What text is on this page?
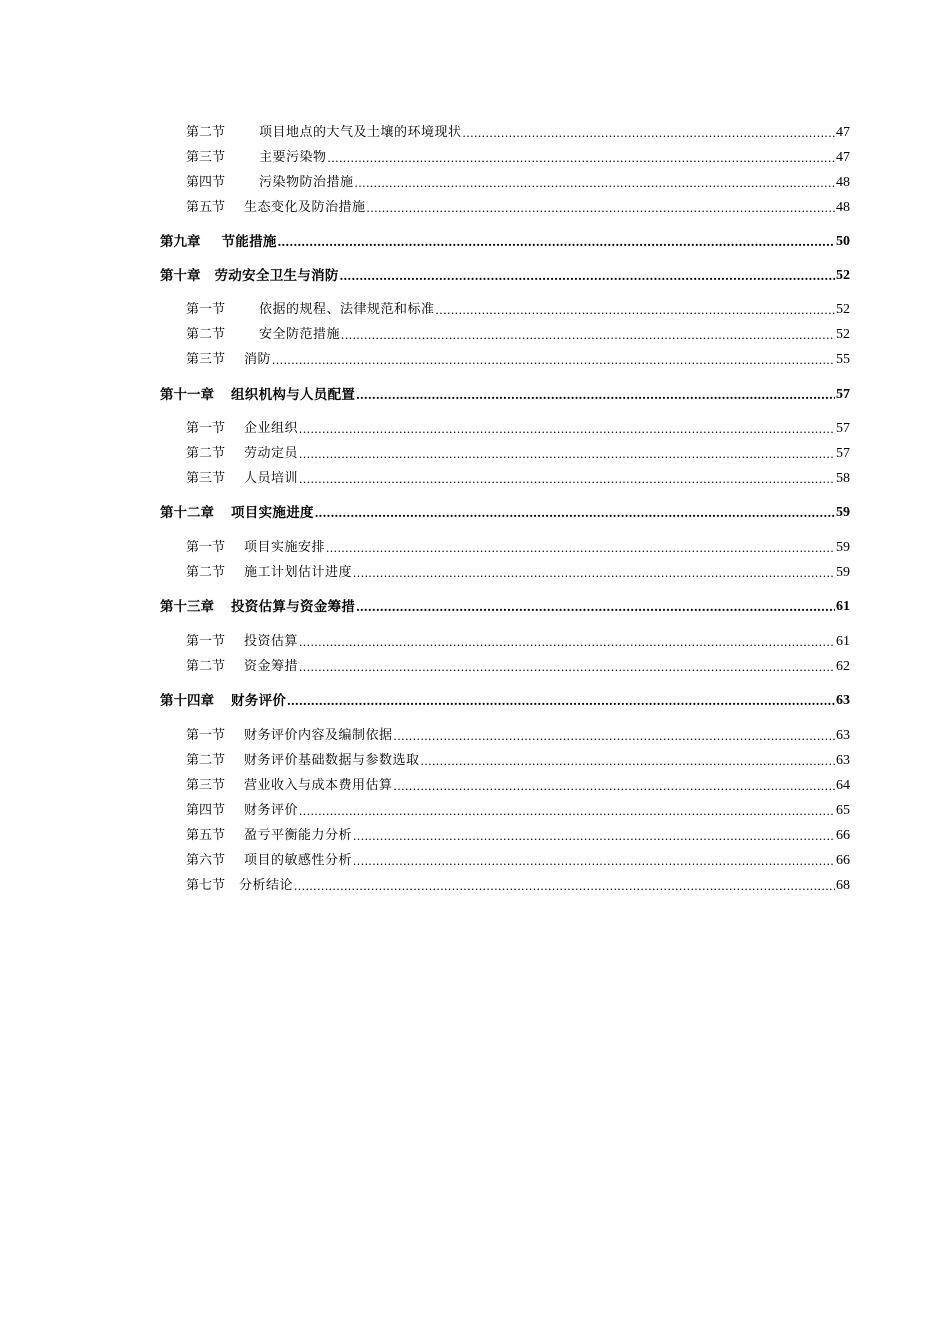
第二节	项目地点的大气及土壤的环境现状 .....	47
第三节	主要污染物 .....	47
第四节	污染物防治措施 .....	48
第五节 生态变化及防治措施 .....	48
第九章 节能措施 .....	50
第十章 劳动安全卫生与消防 .....	52
第一节	依据的规程、法律规范和标准 .....	52
第二节	安全防范措施 .....	52
第三节 消防 .....	55
第十一章 组织机构与人员配置 .....	57
第一节 企业组织 .....	57
第二节 劳动定员 .....	57
第三节 人员培训 .....	58
第十二章 项目实施进度 .....	59
第一节 项目实施安排 .....	59
第二节 施工计划估计进度 .....	59
第十三章 投资估算与资金筹措 .....	61
第一节 投资估算 .....	61
第二节 资金筹措 .....	62
第十四章 财务评价 .....	63
第一节 财务评价内容及编制依据 .....	63
第二节 财务评价基础数据与参数选取 .....	63
第三节 营业收入与成本费用估算 .....	64
第四节 财务评价 .....	65
第五节 盈亏平衡能力分析 .....	66
第六节 项目的敏感性分析 .....	66
第七节 分析结论 .....	68
